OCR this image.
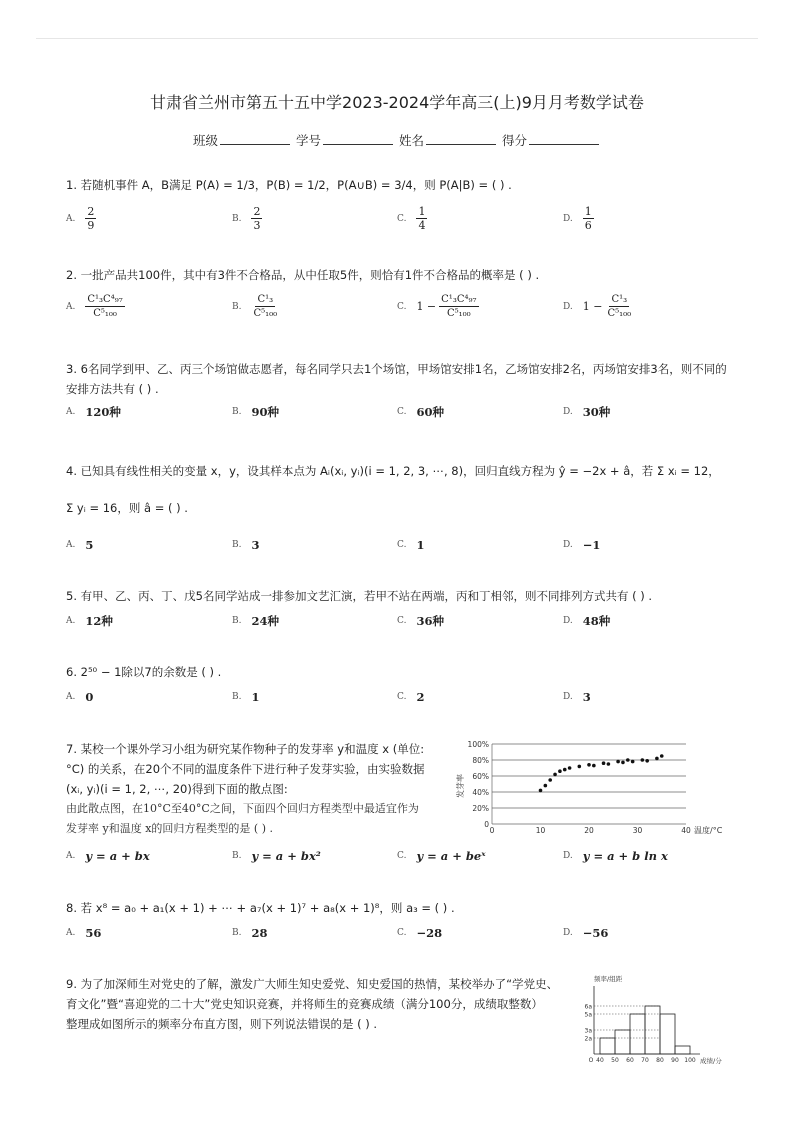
甘肃省兰州市第五十五中学2023-2024学年高三(上)9月月考数学试卷
班级	学号	姓名	得分
1. 若随机事件 A，B满足 P(A) = 1/3，P(B) = 1/2，P(A∪B) = 3/4，则 P(A|B) = ( ) .
A. $\frac{2}{9}$	B. $\frac{2}{3}$	C. $\frac{1}{4}$	D. $\frac{1}{6}$
2. 一批产品共100件，其中有3件不合格品，从中任取5件，则恰有1件不合格品的概率是 ( ) .
A. $\frac{\text{C¹₃C⁴₉₇}}{\text{C⁵₁₀₀}}$	B. $\frac{\text{C¹₃}}{\text{C⁵₁₀₀}}$	C. $1 - \frac{\text{C¹₃C⁴₉₇}}{\text{C⁵₁₀₀}}$	D. $1 - \frac{\text{C¹₃}}{\text{C⁵₁₀₀}}$
3. 6名同学到甲、乙、丙三个场馆做志愿者，每名同学只去1个场馆，甲场馆安排1名，乙场馆安排2名，丙场馆安排3名，则不同的安排方法共有 ( ) .
A. 120种	B. 90种	C. 60种	D. 30种
4. 已知具有线性相关的变量 x，y，设其样本点为 Aᵢ(xᵢ, yᵢ)(i = 1, 2, 3, ⋯, 8)，回归直线方程为 ŷ = −2x + â，若 Σ xᵢ = 12，
Σ yᵢ = 16，则 â = ( ) .
A. 5	B. 3	C. 1	D. −1
5. 有甲、乙、丙、丁、戊5名同学站成一排参加文艺汇演，若甲不站在两端，丙和丁相邻，则不同排列方式共有 ( ) .
A. 12种	B. 24种	C. 36种	D. 48种
6. 2⁵⁰ − 1除以7的余数是 ( ) .
A. 0	B. 1	C. 2	D. 3
7. 某校一个课外学习小组为研究某作物种子的发芽率 y和温度 x (单位:
°C) 的关系，在20个不同的温度条件下进行种子发芽实验，由实验数据
(xᵢ, yᵢ)(i = 1, 2, ⋯, 20)得到下面的散点图:
由此散点图，在10°C至40°C之间，下面四个回归方程类型中最适宜作为
发芽率 y和温度 x的回归方程类型的是 ( ) .	0
20%
40%
60%
80%
100%
0	10	20	30	40
发芽率
温度/°C
A. y = a + bx	B. y = a + bx²	C. y = a + beˣ	D. y = a + b ln x
8. 若 x⁸ = a₀ + a₁(x + 1) + ⋯ + a₇(x + 1)⁷ + a₈(x + 1)⁸，则 a₃ = ( ) .
A. 56	B. 28	C. −28	D. −56
9. 为了加深师生对党史的了解，激发广大师生知史爱党、知史爱国的热情，某校举办了“学党史、
育文化”暨“喜迎党的二十大”党史知识竞赛，并将师生的竞赛成绩（满分100分，成绩取整数）
整理成如图所示的频率分布直方图，则下列说法错误的是 ( ) .
2a
3a
5a
6a
O 40 50 60 70 80 90 100
频率/组距
成绩/分
